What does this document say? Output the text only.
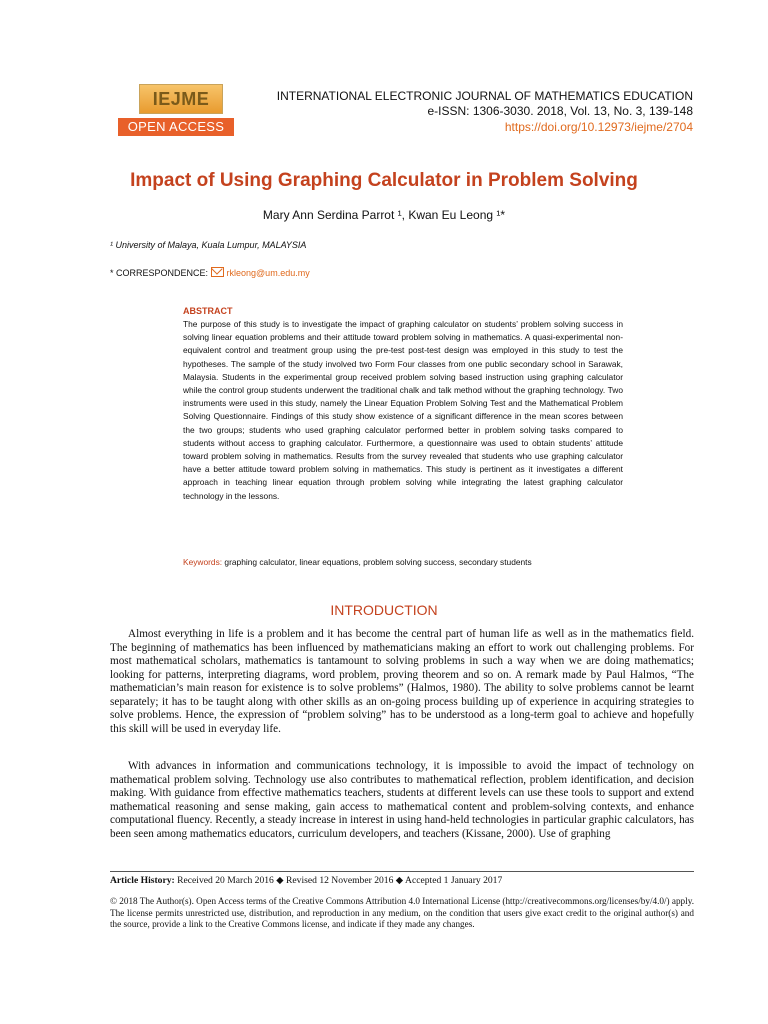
IEJME
OPEN ACCESS
INTERNATIONAL ELECTRONIC JOURNAL OF MATHEMATICS EDUCATION
e-ISSN: 1306-3030. 2018, Vol. 13, No. 3, 139-148
https://doi.org/10.12973/iejme/2704
Impact of Using Graphing Calculator in Problem Solving
Mary Ann Serdina Parrot ¹, Kwan Eu Leong ¹*
¹ University of Malaya, Kuala Lumpur, MALAYSIA
* CORRESPONDENCE: rkleong@um.edu.my
ABSTRACT
The purpose of this study is to investigate the impact of graphing calculator on students’ problem solving success in solving linear equation problems and their attitude toward problem solving in mathematics. A quasi-experimental non-equivalent control and treatment group using the pre-test post-test design was employed in this study to test the hypotheses. The sample of the study involved two Form Four classes from one public secondary school in Sarawak, Malaysia. Students in the experimental group received problem solving based instruction using graphing calculator while the control group students underwent the traditional chalk and talk method without the graphing technology. Two instruments were used in this study, namely the Linear Equation Problem Solving Test and the Mathematical Problem Solving Questionnaire. Findings of this study show existence of a significant difference in the mean scores between the two groups; students who used graphing calculator performed better in problem solving tasks compared to students without access to graphing calculator. Furthermore, a questionnaire was used to obtain students’ attitude toward problem solving in mathematics. Results from the survey revealed that students who use graphing calculator have a better attitude toward problem solving in mathematics. This study is pertinent as it investigates a different approach in teaching linear equation through problem solving while integrating the latest graphing calculator technology in the lessons.
Keywords: graphing calculator, linear equations, problem solving success, secondary students
INTRODUCTION
Almost everything in life is a problem and it has become the central part of human life as well as in the mathematics field. The beginning of mathematics has been influenced by mathematicians making an effort to work out challenging problems. For most mathematical scholars, mathematics is tantamount to solving problems in such a way when we are doing mathematics; looking for patterns, interpreting diagrams, word problem, proving theorem and so on. A remark made by Paul Halmos, “The mathematician’s main reason for existence is to solve problems” (Halmos, 1980). The ability to solve problems cannot be learnt separately; it has to be taught along with other skills as an on-going process building up of experience in acquiring strategies to solve problems. Hence, the expression of “problem solving” has to be understood as a long-term goal to achieve and hopefully this skill will be used in everyday life.
With advances in information and communications technology, it is impossible to avoid the impact of technology on mathematical problem solving. Technology use also contributes to mathematical reflection, problem identification, and decision making. With guidance from effective mathematics teachers, students at different levels can use these tools to support and extend mathematical reasoning and sense making, gain access to mathematical content and problem-solving contexts, and enhance computational fluency. Recently, a steady increase in interest in using hand-held technologies in particular graphic calculators, has been seen among mathematics educators, curriculum developers, and teachers (Kissane, 2000). Use of graphing
Article History: Received 20 March 2016 ◆ Revised 12 November 2016 ◆ Accepted 1 January 2017
© 2018 The Author(s). Open Access terms of the Creative Commons Attribution 4.0 International License (http://creativecommons.org/licenses/by/4.0/) apply. The license permits unrestricted use, distribution, and reproduction in any medium, on the condition that users give exact credit to the original author(s) and the source, provide a link to the Creative Commons license, and indicate if they made any changes.
